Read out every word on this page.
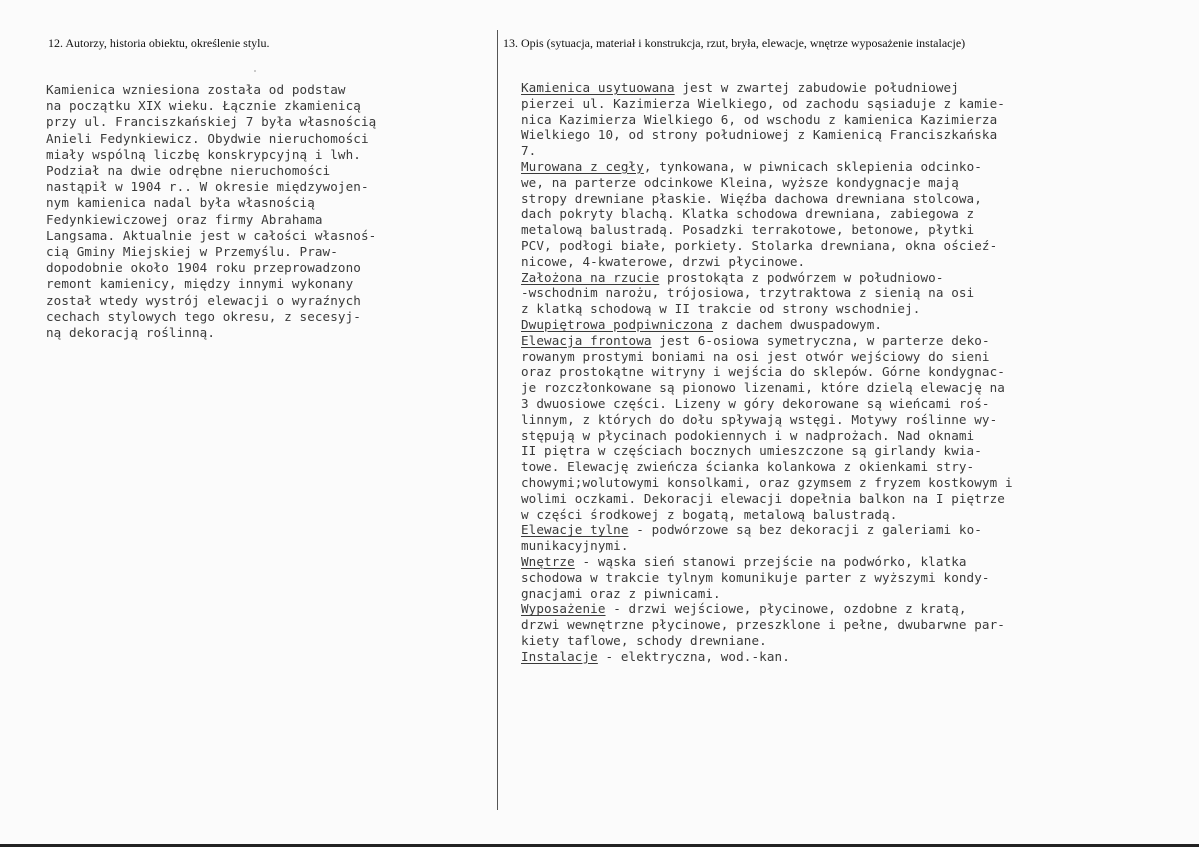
12. Autorzy, historia obiektu, określenie stylu.	13. Opis (sytuacja, materiał i konstrukcja, rzut, bryła, elewacje, wnętrze wyposażenie instalacje)
Kamienica wzniesiona została od podstaw
na początku XIX wieku. Łącznie zkamienicą
przy ul. Franciszkańskiej 7 była własnością
Anieli Fedynkiewicz. Obydwie nieruchomości
miały wspólną liczbę konskrypcyjną i lwh.
Podział na dwie odrębne nieruchomości
nastąpił w 1904 r.. W okresie międzywojen-
nym kamienica nadal była własnością
Fedynkiewiczowej oraz firmy Abrahama
Langsama. Aktualnie jest w całości własnoś-
cią Gminy Miejskiej w Przemyślu. Praw-
dopodobnie około 1904 roku przeprowadzono
remont kamienicy, między innymi wykonany
został wtedy wystrój elewacji o wyraźnych
cechach stylowych tego okresu, z secesyj-
ną dekoracją roślinną.
Kamienica usytuowana jest w zwartej zabudowie południowej
pierzei ul. Kazimierza Wielkiego, od zachodu sąsiaduje z kamie-
nica Kazimierza Wielkiego 6, od wschodu z kamienica Kazimierza
Wielkiego 10, od strony południowej z Kamienicą Franciszkańska
7.
Murowana z cegły, tynkowana, w piwnicach sklepienia odcinko-
we, na parterze odcinkowe Kleina, wyższe kondygnacje mają
stropy drewniane płaskie. Więźba dachowa drewniana stolcowa,
dach pokryty blachą. Klatka schodowa drewniana, zabiegowa z
metalową balustradą. Posadzki terrakotowe, betonowe, płytki
PCV, podłogi białe, porkiety. Stolarka drewniana, okna ościeź-
nicowe, 4-kwaterowe, drzwi płycinowe.
Założona na rzucie prostokąta z podwórzem w południowo-
-wschodnim narożu, trójosiowa, trzytraktowa z sienią na osi
z klatką schodową w II trakcie od strony wschodniej.
Dwupiętrowa podpiwniczona z dachem dwuspadowym.
Elewacja frontowa jest 6-osiowa symetryczna, w parterze deko-
rowanym prostymi boniami na osi jest otwór wejściowy do sieni
oraz prostokątne witryny i wejścia do sklepów. Górne kondygnac-
je rozczłonkowane są pionowo lizenami, które dzielą elewację na
3 dwuosiowe części. Lizeny w góry dekorowane są wieńcami roś-
linnym, z których do dołu spływają wstęgi. Motywy roślinne wy-
stępują w płycinach podokiennych i w nadprożach. Nad oknami
II piętra w częściach bocznych umieszczone są girlandy kwia-
towe. Elewację zwieńcza ścianka kolankowa z okienkami stry-
chowymi;wolutowymi konsolkami, oraz gzymsem z fryzem kostkowym i
wolimi oczkami. Dekoracji elewacji dopełnia balkon na I piętrze
w części środkowej z bogatą, metalową balustradą.
Elewacje tylne - podwórzowe są bez dekoracji z galeriami ko-
munikacyjnymi.
Wnętrze - wąska sień stanowi przejście na podwórko, klatka
schodowa w trakcie tylnym komunikuje parter z wyższymi kondy-
gnacjami oraz z piwnicami.
Wyposażenie - drzwi wejściowe, płycinowe, ozdobne z kratą,
drzwi wewnętrzne płycinowe, przeszklone i pełne, dwubarwne par-
kiety taflowe, schody drewniane.
Instalacje - elektryczna, wod.-kan.
